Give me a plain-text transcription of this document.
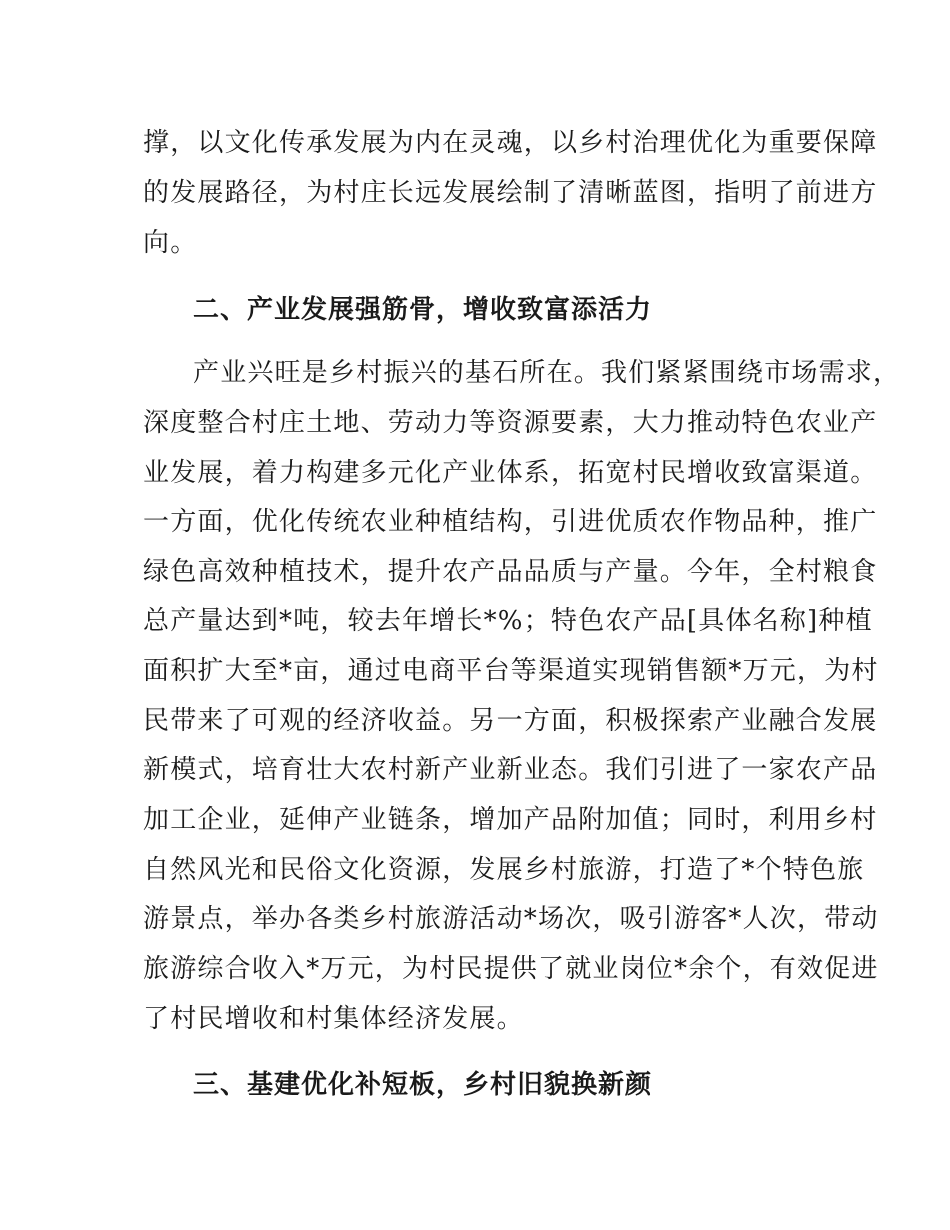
撑，以文化传承发展为内在灵魂，以乡村治理优化为重要保障
的发展路径，为村庄长远发展绘制了清晰蓝图，指明了前进方
向。
二、产业发展强筋骨，增收致富添活力
产业兴旺是乡村振兴的基石所在。我们紧紧围绕市场需求，
深度整合村庄土地、劳动力等资源要素，大力推动特色农业产
业发展，着力构建多元化产业体系，拓宽村民增收致富渠道。
一方面，优化传统农业种植结构，引进优质农作物品种，推广
绿色高效种植技术，提升农产品品质与产量。今年，全村粮食
总产量达到*吨，较去年增长*%；特色农产品[具体名称]种植
面积扩大至*亩，通过电商平台等渠道实现销售额*万元，为村
民带来了可观的经济收益。另一方面，积极探索产业融合发展
新模式，培育壮大农村新产业新业态。我们引进了一家农产品
加工企业，延伸产业链条，增加产品附加值；同时，利用乡村
自然风光和民俗文化资源，发展乡村旅游，打造了*个特色旅
游景点，举办各类乡村旅游活动*场次，吸引游客*人次，带动
旅游综合收入*万元，为村民提供了就业岗位*余个，有效促进
了村民增收和村集体经济发展。
三、基建优化补短板，乡村旧貌换新颜
